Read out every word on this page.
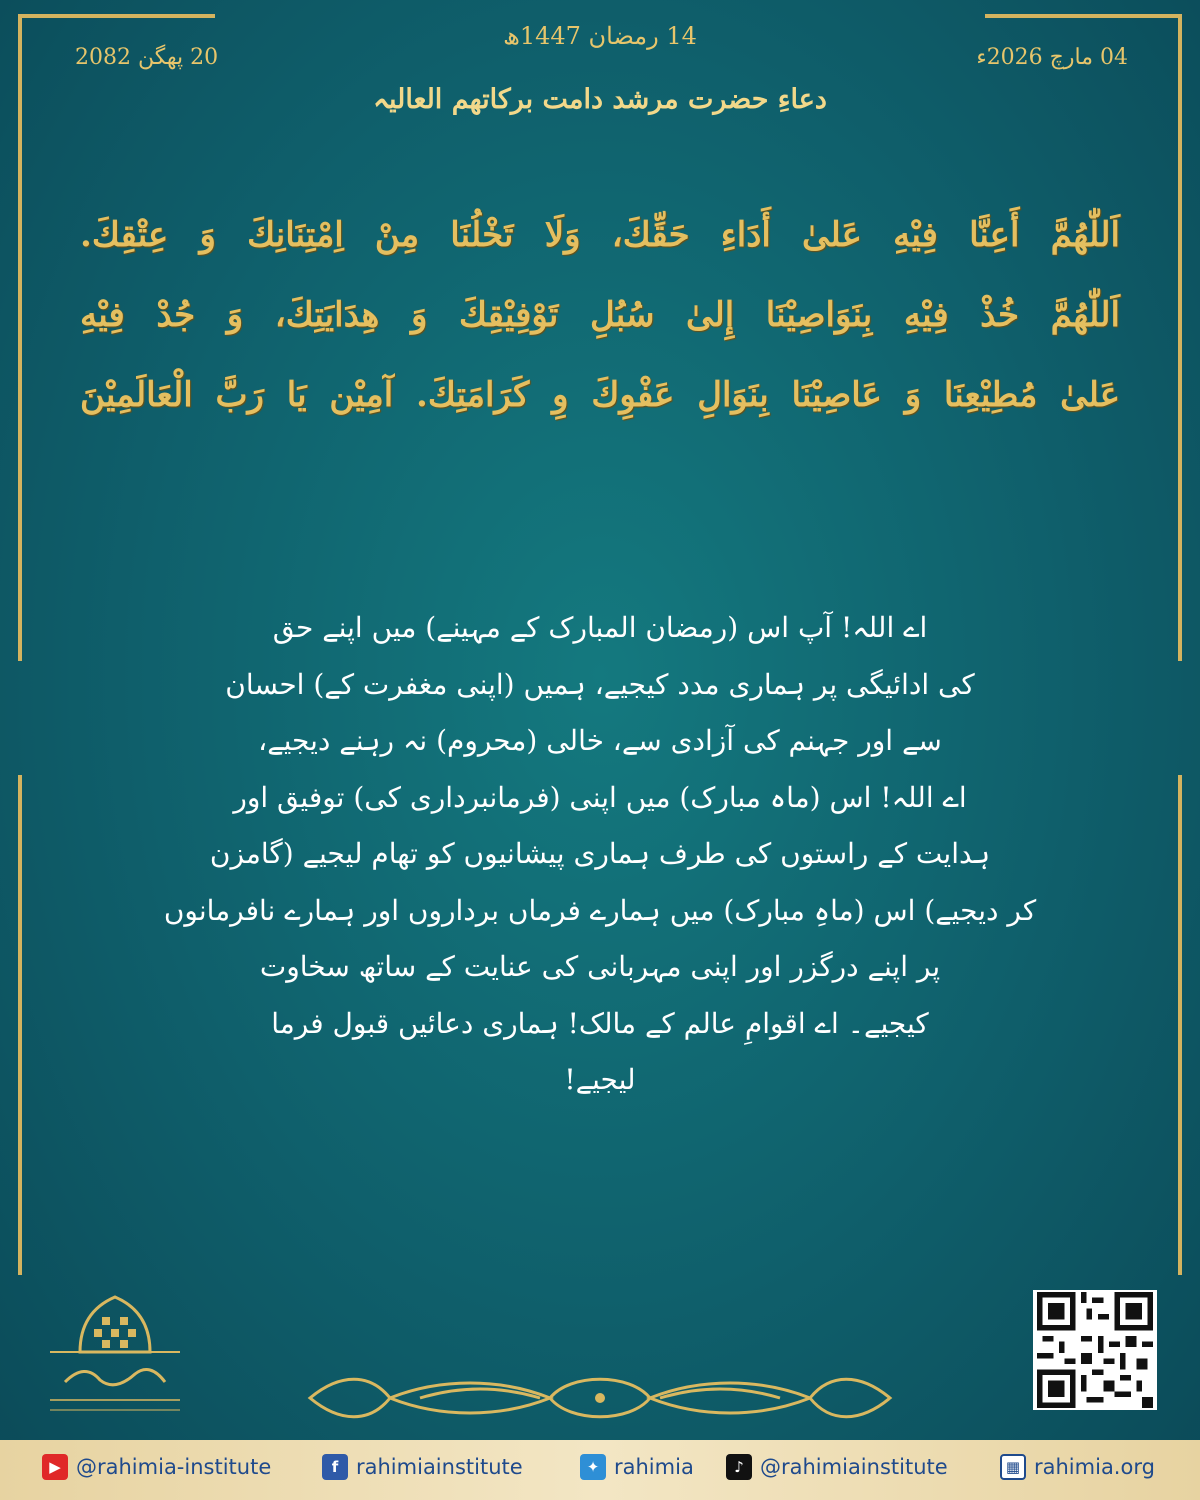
14 رمضان 1447ھ
20 پھگن 2082	04 مارچ 2026ء
دعاءِ حضرت مرشد دامت برکاتھم العالیہ
اَللّٰهُمَّ أَعِنَّا فِيْهِ عَلىٰ أَدَاءِ حَقِّكَ، وَلَا تَخْلُنَا مِنْ اِمْتِنَانِكَ وَ عِتْقِكَ.
اَللّٰهُمَّ خُذْ فِيْهِ بِنَوَاصِيْنَا إِلىٰ سُبُلِ تَوْفِيْقِكَ وَ هِدَايَتِكَ، وَ جُدْ فِيْهِ
عَلىٰ مُطِيْعِنَا وَ عَاصِيْنَا بِنَوَالِ عَفْوِكَ وِ كَرَامَتِكَ. آمِيْن يَا رَبَّ الْعَالَمِيْنَ
اے اللہ! آپ اس (رمضان المبارک کے مہینے) میں اپنے حق
کی ادائیگی پر ہماری مدد کیجیے، ہمیں (اپنی مغفرت کے) احسان
سے اور جہنم کی آزادی سے، خالی (محروم) نہ رہنے دیجیے،
اے اللہ! اس (ماہ مبارک) میں اپنی (فرمانبرداری کی) توفیق اور
ہدایت کے راستوں کی طرف ہماری پیشانیوں کو تھام لیجیے (گامزن
کر دیجیے) اس (ماہِ مبارک) میں ہمارے فرماں برداروں اور ہمارے نافرمانوں
پر اپنے درگزر اور اپنی مہربانی کی عنایت کے ساتھ سخاوت
کیجیے۔ اے اقوامِ عالم کے مالک! ہماری دعائیں قبول فرما
لیجیے!
▶ @rahimia-institute	f rahimiainstitute	✦ rahimia	♪ @rahimiainstitute	▦ rahimia.org
